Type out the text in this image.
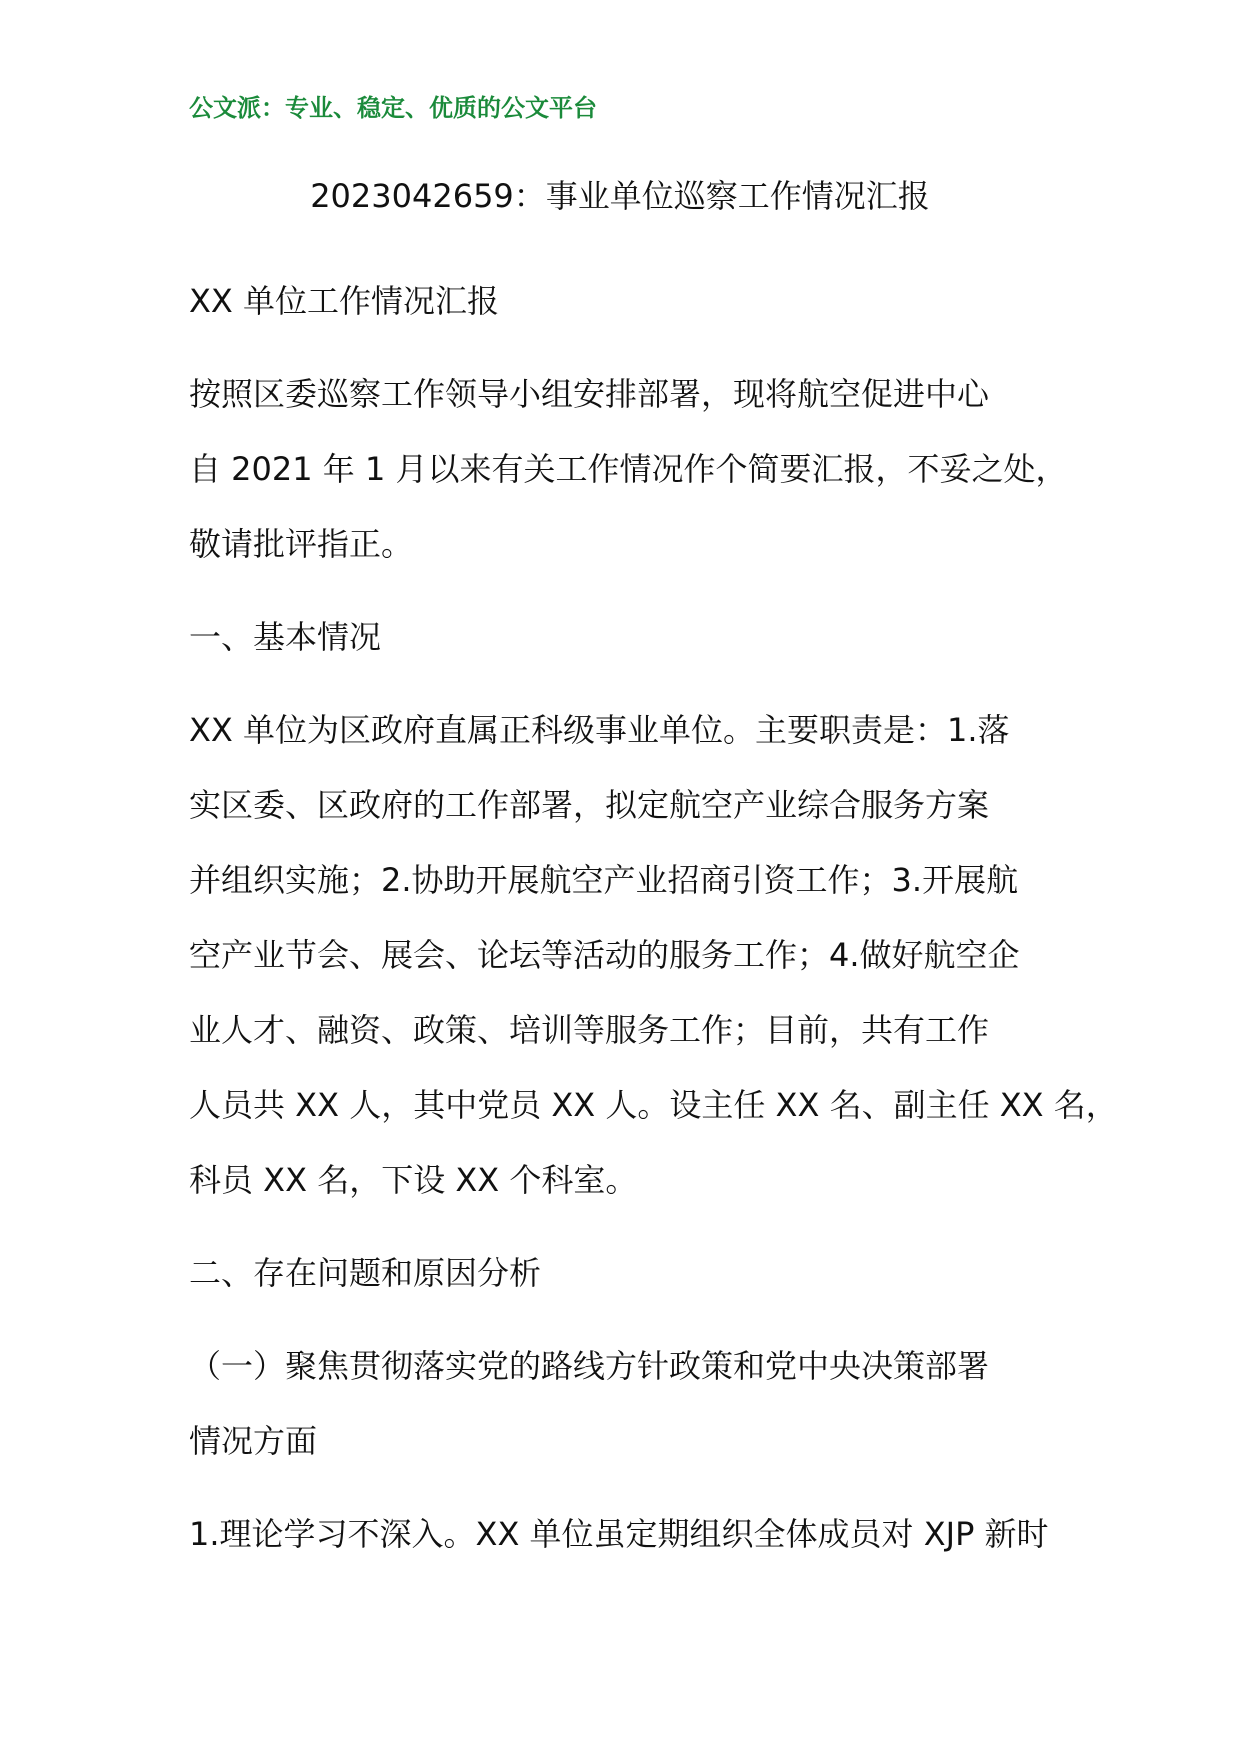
公文派：专业、稳定、优质的公文平台
2023042659：事业单位巡察工作情况汇报

XX 单位工作情况汇报

按照区委巡察工作领导小组安排部署，现将航空促进中心

自 2021 年 1 月以来有关工作情况作个简要汇报，不妥之处，

敬请批评指正。

一、基本情况

XX 单位为区政府直属正科级事业单位。主要职责是：1.落

实区委、区政府的工作部署，拟定航空产业综合服务方案

并组织实施；2.协助开展航空产业招商引资工作；3.开展航

空产业节会、展会、论坛等活动的服务工作；4.做好航空企

业人才、融资、政策、培训等服务工作；目前，共有工作

人员共 XX 人，其中党员 XX 人。设主任 XX 名、副主任 XX 名，

科员 XX 名，下设 XX 个科室。

二、存在问题和原因分析

（一）聚焦贯彻落实党的路线方针政策和党中央决策部署

情况方面

1.理论学习不深入。XX 单位虽定期组织全体成员对 XJP 新时
